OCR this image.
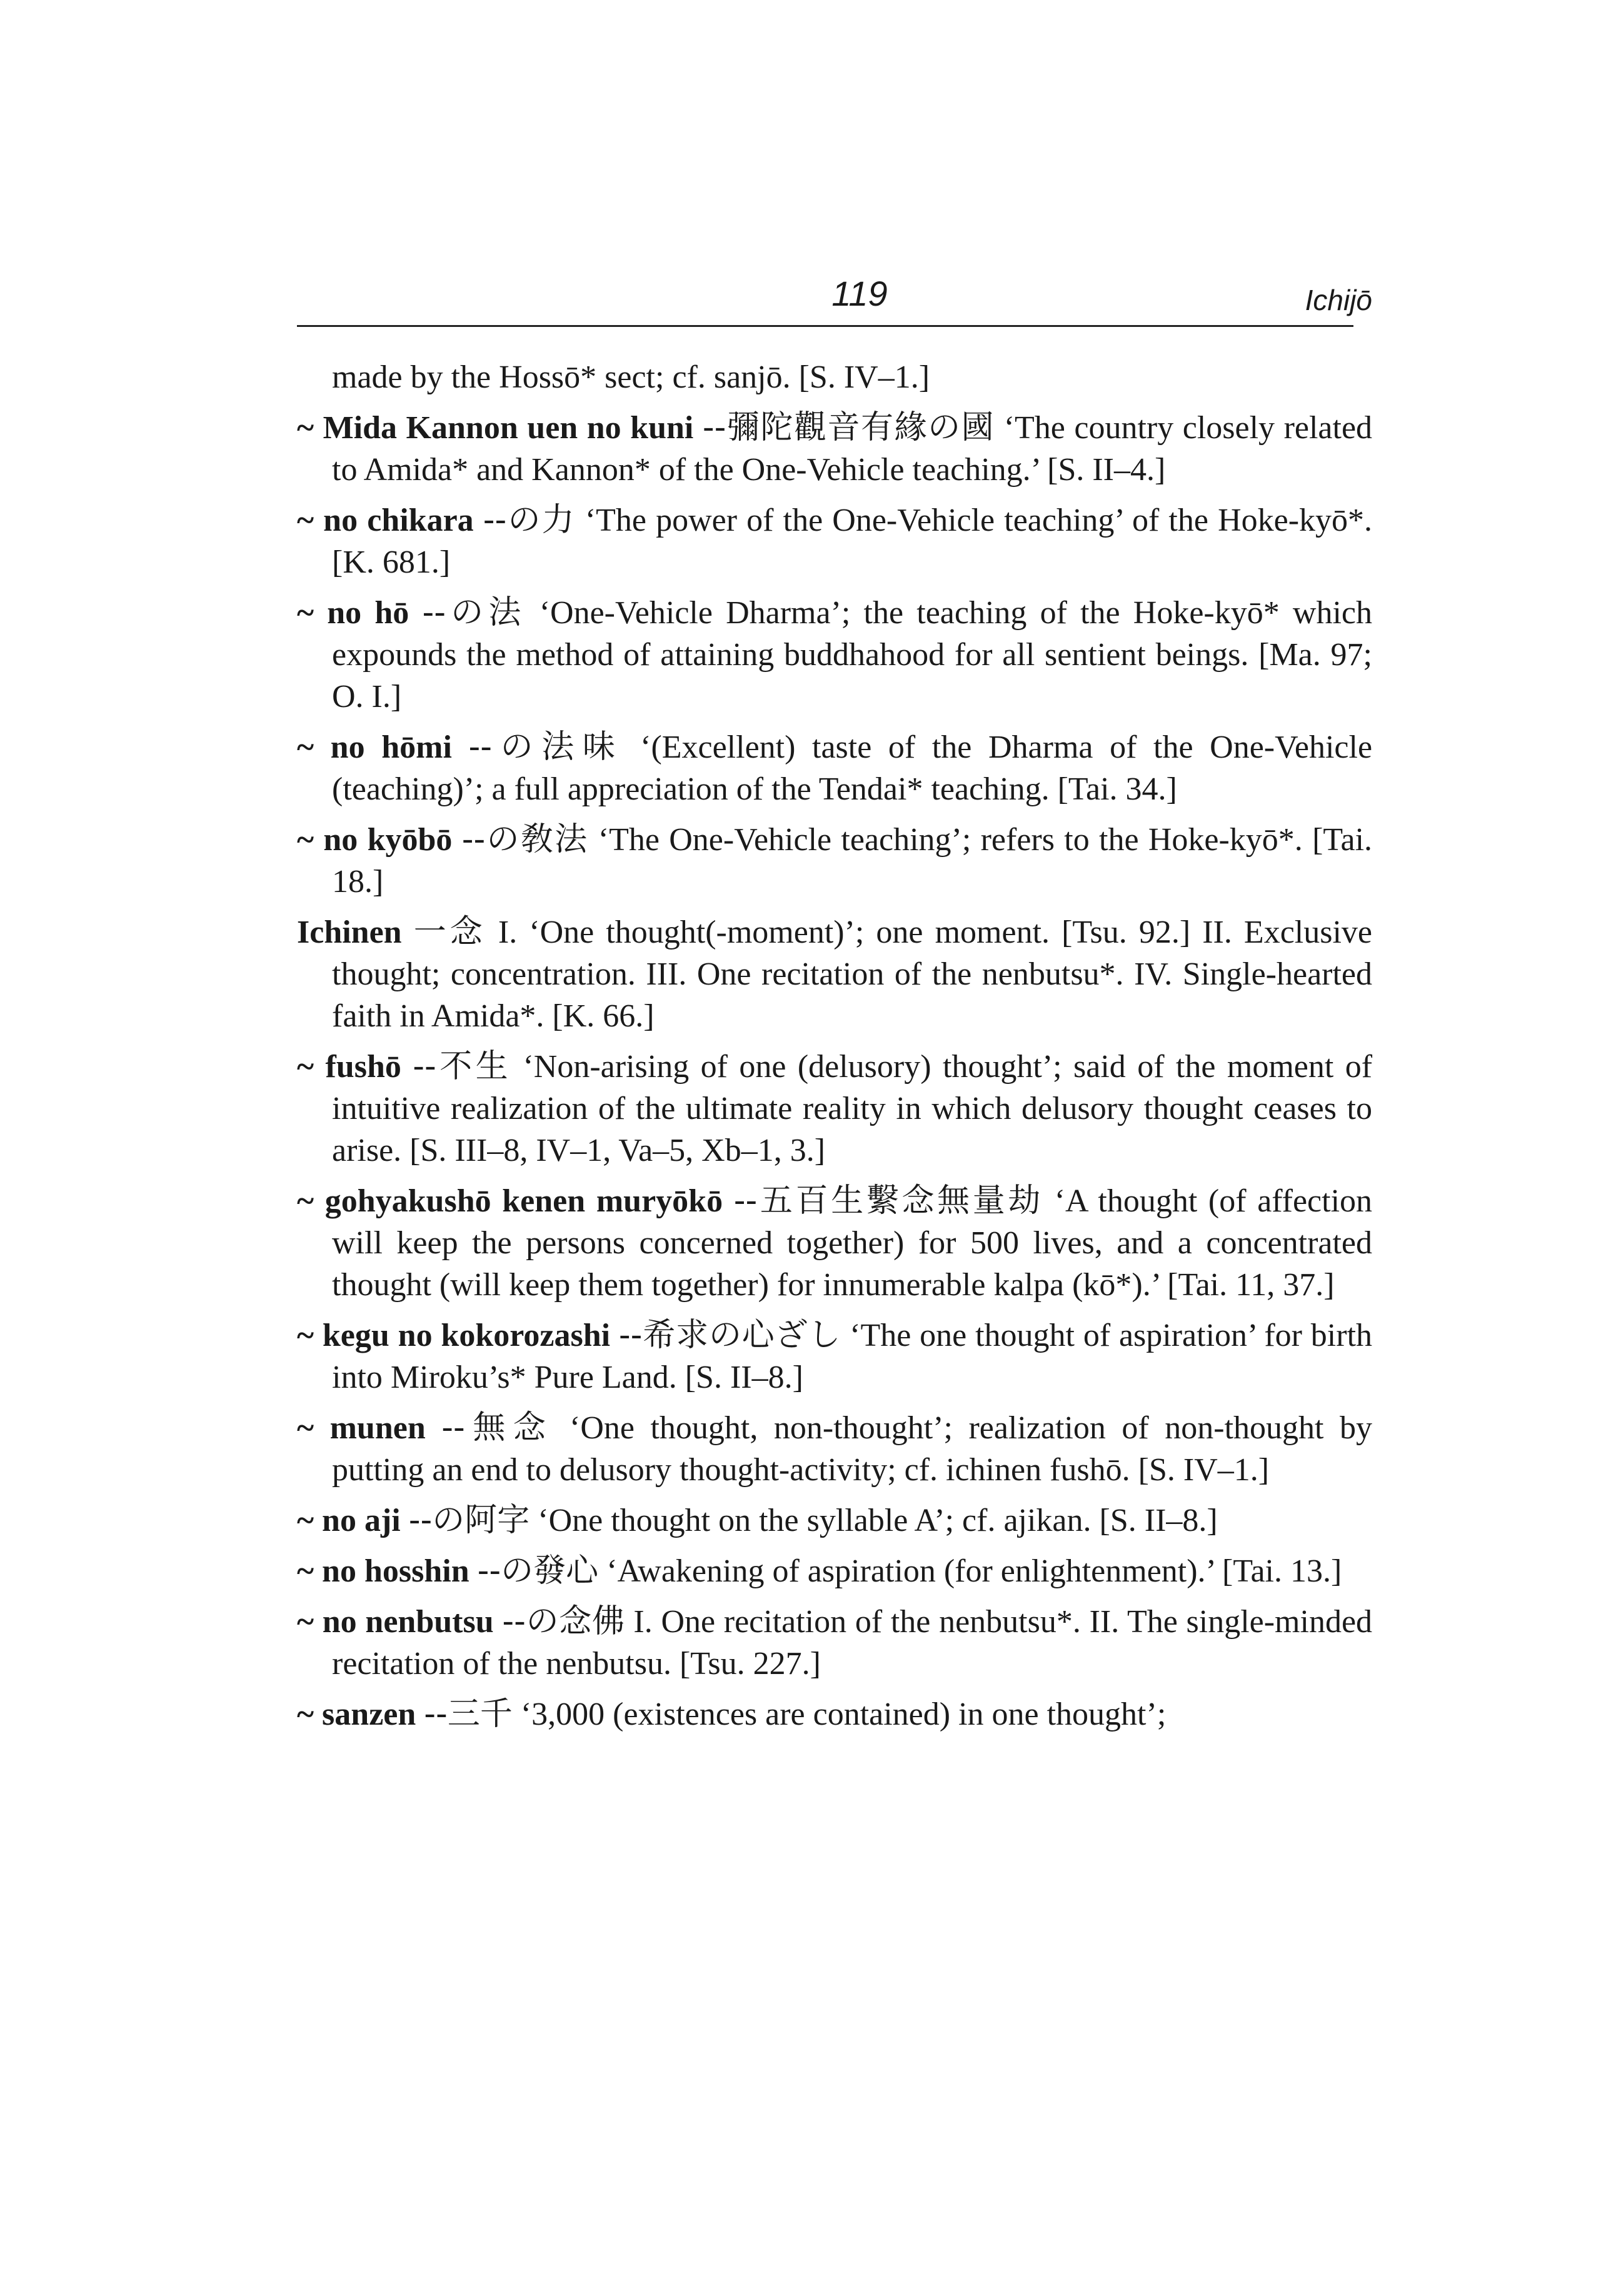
119	Ichijō

made by the Hossō* sect; cf. sanjō. [S. IV–1.]

~ Mida Kannon uen no kuni --彌陀觀音有緣の國 ‘The country closely related to Amida* and Kannon* of the One-Vehicle teaching.’ [S. II–4.]

~ no chikara --の力 ‘The power of the One-Vehicle teaching’ of the Hoke-kyō*. [K. 681.]

~ no hō --の法 ‘One-Vehicle Dharma’; the teaching of the Hoke-kyō* which expounds the method of attaining buddhahood for all sentient beings. [Ma. 97; O. I.]

~ no hōmi --の法味 ‘(Excellent) taste of the Dharma of the One-Vehicle (teaching)’; a full appreciation of the Tendai* teaching. [Tai. 34.]

~ no kyōbō --の敎法 ‘The One-Vehicle teaching’; refers to the Hoke-kyō*. [Tai. 18.]

Ichinen 一念 I. ‘One thought(-moment)’; one moment. [Tsu. 92.] II. Exclusive thought; concentration. III. One recitation of the nenbutsu*. IV. Single-hearted faith in Amida*. [K. 66.]

~ fushō --不生 ‘Non-arising of one (delusory) thought’; said of the moment of intuitive realization of the ultimate reality in which delusory thought ceases to arise. [S. III–8, IV–1, Va–5, Xb–1, 3.]

~ gohyakushō kenen muryōkō --五百生繫念無量劫 ‘A thought (of affection will keep the persons concerned together) for 500 lives, and a concentrated thought (will keep them together) for innumerable kalpa (kō*).’ [Tai. 11, 37.]

~ kegu no kokorozashi --希求の心ざし ‘The one thought of aspiration’ for birth into Miroku’s* Pure Land. [S. II–8.]

~ munen --無念 ‘One thought, non-thought’; realization of non-thought by putting an end to delusory thought-activity; cf. ichinen fushō. [S. IV–1.]

~ no aji --の阿字 ‘One thought on the syllable A’; cf. ajikan. [S. II–8.]

~ no hosshin --の發心 ‘Awakening of aspiration (for enlightenment).’ [Tai. 13.]

~ no nenbutsu --の念佛 I. One recitation of the nenbutsu*. II. The single-minded recitation of the nenbutsu. [Tsu. 227.]

~ sanzen --三千 ‘3,000 (existences are contained) in one thought’;
